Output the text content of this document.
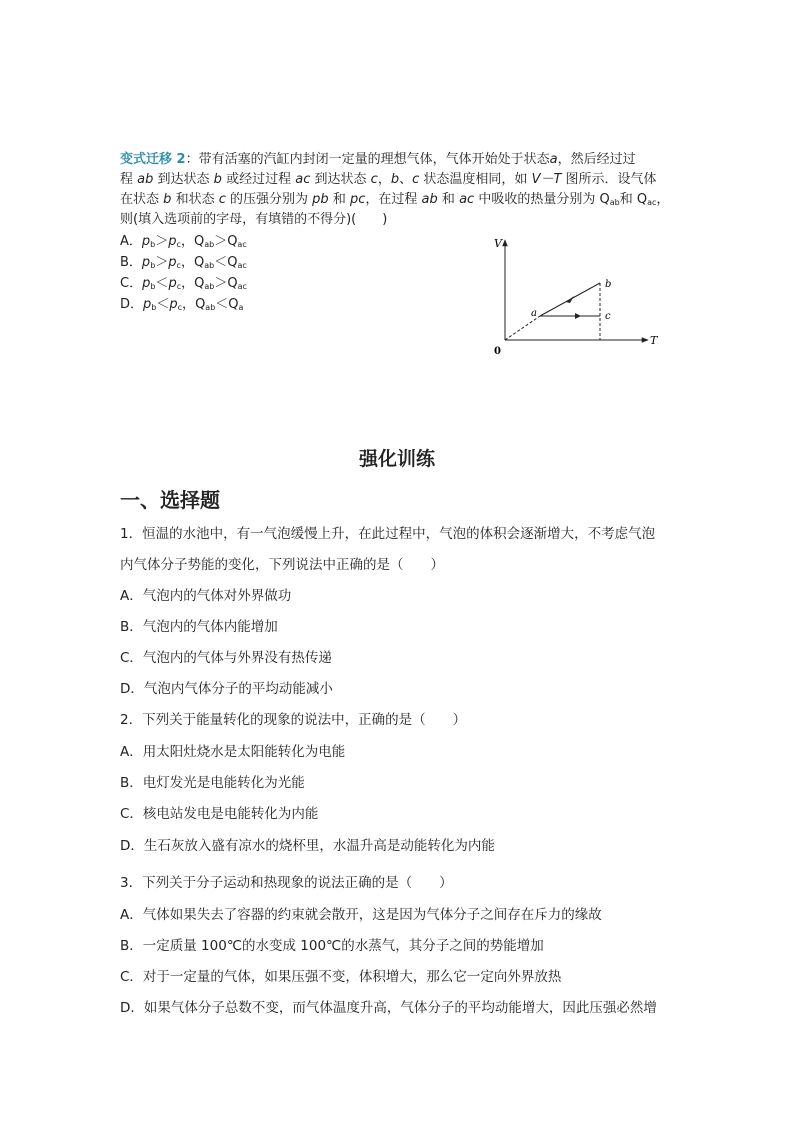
变式迁移 2：带有活塞的汽缸内封闭一定量的理想气体，气体开始处于状态a，然后经过过
程 ab 到达状态 b 或经过过程 ac 到达状态 c，b、c 状态温度相同，如 V－T 图所示．设气体
在状态 b 和状态 c 的压强分别为 pb 和 pc，在过程 ab 和 ac 中吸收的热量分别为 $Q_{ab}$和 $Q_{ac}$，
则(填入选项前的字母，有填错的不得分)(　　)
A．$p_b>p_c$，$Q_{ab}>Q_{ac}$
B．$p_b>p_c$，$Q_{ab}<Q_{ac}$
C．$p_b<p_c$，$Q_{ab}>Q_{ac}$
D．$p_b<p_c$，$Q_{ab}<Q_a$
V
T
0
a
b
c
强化训练
一、选择题
1．恒温的水池中，有一气泡缓慢上升，在此过程中，气泡的体积会逐渐增大，不考虑气泡
内气体分子势能的变化，下列说法中正确的是（　　）
A．气泡内的气体对外界做功
B．气泡内的气体内能增加
C．气泡内的气体与外界没有热传递
D．气泡内气体分子的平均动能减小
2．下列关于能量转化的现象的说法中，正确的是（　　）
A．用太阳灶烧水是太阳能转化为电能
B．电灯发光是电能转化为光能
C．核电站发电是电能转化为内能
D．生石灰放入盛有凉水的烧杯里，水温升高是动能转化为内能
3．下列关于分子运动和热现象的说法正确的是（　　）
A．气体如果失去了容器的约束就会散开，这是因为气体分子之间存在斥力的缘故
B．一定质量 100℃的水变成 100℃的水蒸气，其分子之间的势能增加
C．对于一定量的气体，如果压强不变，体积增大，那么它一定向外界放热
D．如果气体分子总数不变，而气体温度升高，气体分子的平均动能增大，因此压强必然增
